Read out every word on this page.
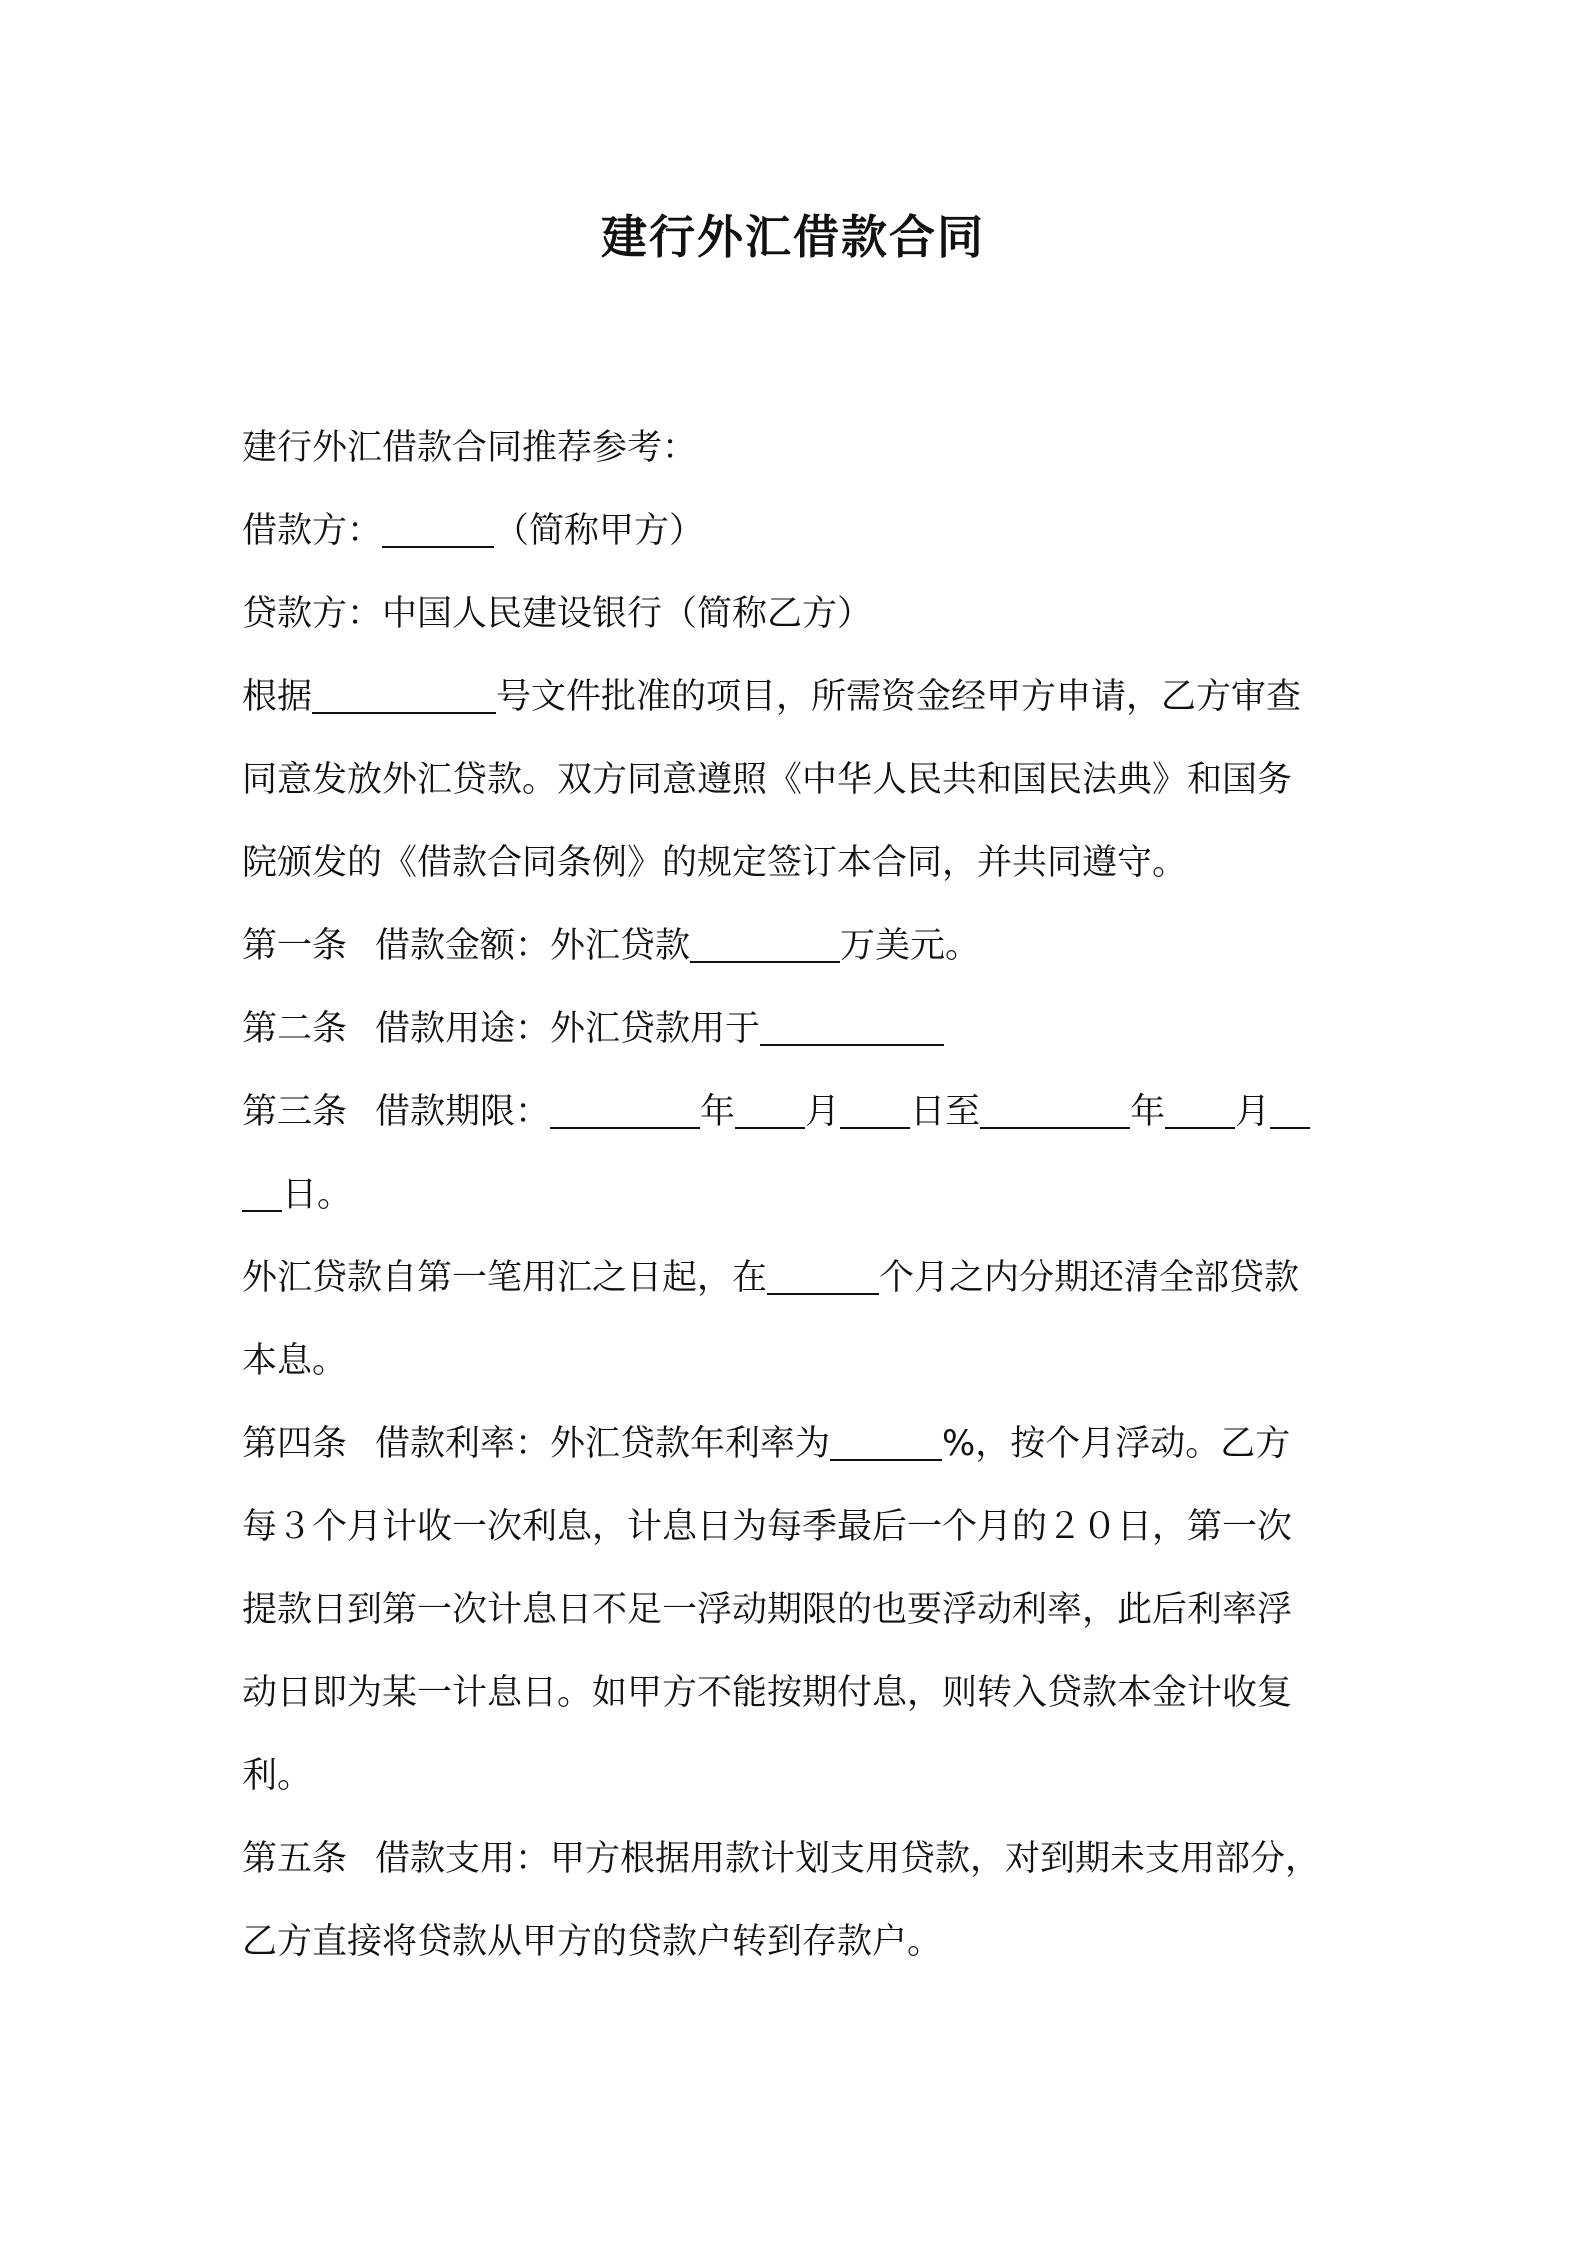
建行外汇借款合同

建行外汇借款合同推荐参考：

借款方：	（简称甲方）

贷款方：中国人民建设银行（简称乙方）

根据	号文件批准的项目，所需资金经甲方申请，乙方审查
同意发放外汇贷款。双方同意遵照《中华人民共和国民法典》和国务
院颁发的《借款合同条例》的规定签订本合同，并共同遵守。

第一条 借款金额：外汇贷款	万美元。

第二条 借款用途：外汇贷款用于

第三条 借款期限：	年 月 日至	年 月
日。

外汇贷款自第一笔用汇之日起，在	个月之内分期还清全部贷款
本息。

第四条 借款利率：外汇贷款年利率为	%，按个月浮动。乙方
每３个月计收一次利息，计息日为每季最后一个月的２０日，第一次
提款日到第一次计息日不足一浮动期限的也要浮动利率，此后利率浮
动日即为某一计息日。如甲方不能按期付息，则转入贷款本金计收复
利。

第五条 借款支用：甲方根据用款计划支用贷款，对到期未支用部分，
乙方直接将贷款从甲方的贷款户转到存款户。
